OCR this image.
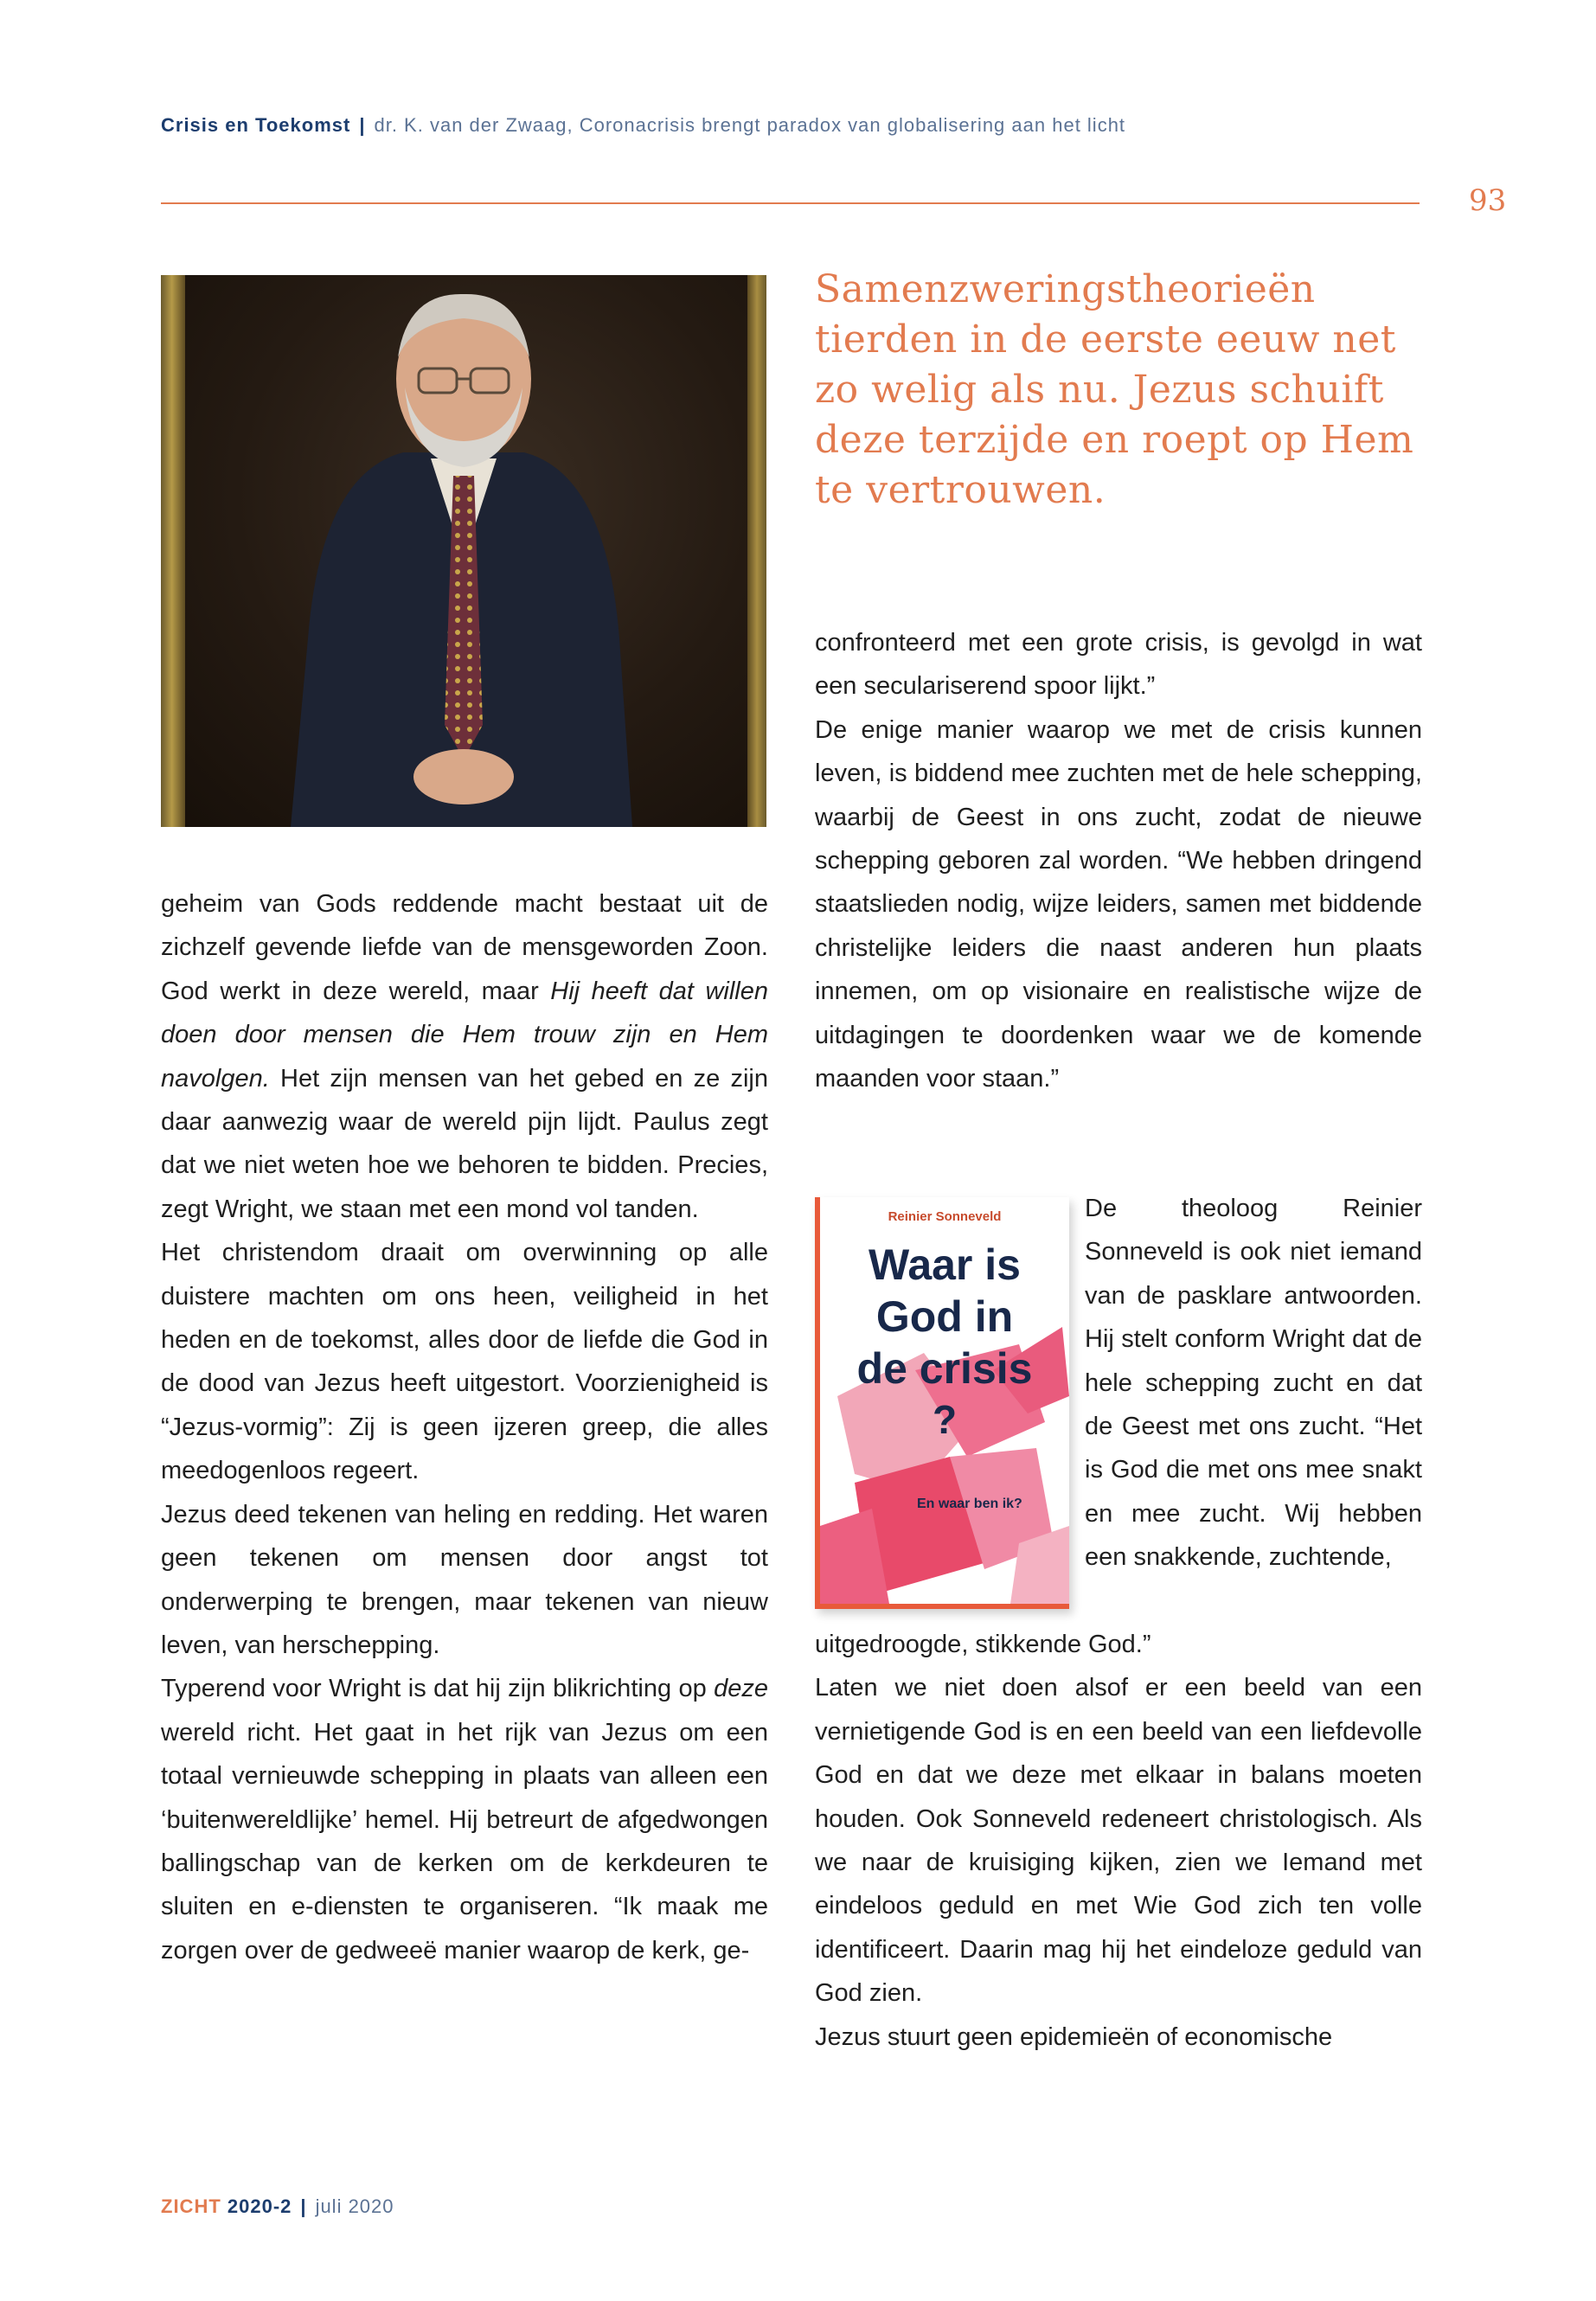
Crisis en Toekomst | dr. K. van der Zwaag, Coronacrisis brengt paradox van globalisering aan het licht
93
Samenzweringstheorieën tierden in de eerste eeuw net zo welig als nu. Jezus schuift deze terzijde en roept op Hem te vertrouwen.

geheim van Gods reddende macht bestaat uit de zichzelf gevende liefde van de mensgeworden Zoon. God werkt in deze wereld, maar Hij heeft dat willen doen door mensen die Hem trouw zijn en Hem navolgen. Het zijn mensen van het gebed en ze zijn daar aanwezig waar de wereld pijn lijdt. Paulus zegt dat we niet weten hoe we behoren te bidden. Precies, zegt Wright, we staan met een mond vol tanden.

Het christendom draait om overwinning op alle duistere machten om ons heen, veiligheid in het heden en de toekomst, alles door de liefde die God in de dood van Jezus heeft uitgestort. Voorzienigheid is “Jezus-vormig”: Zij is geen ijzeren greep, die alles meedogenloos regeert.

Jezus deed tekenen van heling en redding. Het waren geen tekenen om mensen door angst tot onderwerping te brengen, maar tekenen van nieuw leven, van herschepping.

Typerend voor Wright is dat hij zijn blikrichting op deze wereld richt. Het gaat in het rijk van Jezus om een totaal vernieuwde schepping in plaats van alleen een ‘buitenwereldlijke’ hemel. Hij betreurt de afgedwongen ballingschap van de kerken om de kerkdeuren te sluiten en e-diensten te organiseren. “Ik maak me zorgen over de gedweeë manier waarop de kerk, ge-

confronteerd met een grote crisis, is gevolgd in wat een seculariserend spoor lijkt.”

De enige manier waarop we met de crisis kunnen leven, is biddend mee zuchten met de hele schepping, waarbij de Geest in ons zucht, zodat de nieuwe schepping geboren zal worden. “We hebben dringend staatslieden nodig, wijze leiders, samen met biddende christelijke leiders die naast anderen hun plaats innemen, om op visionaire en realistische wijze de uitdagingen te doordenken waar we de komende maanden voor staan.”

Reinier Sonneveld
Waar is
God in
de crisis
?
En waar ben ik?

De theoloog Reinier Sonneveld is ook niet iemand van de pasklare antwoorden. Hij stelt conform Wright dat de hele schepping zucht en dat de Geest met ons zucht. “Het is God die met ons mee snakt en mee zucht. Wij hebben een snakkende, zuchtende,

uitgedroogde, stikkende God.”

Laten we niet doen alsof er een beeld van een vernietigende God is en een beeld van een liefdevolle God en dat we deze met elkaar in balans moeten houden. Ook Sonneveld redeneert christologisch. Als we naar de kruisiging kijken, zien we Iemand met eindeloos geduld en met Wie God zich ten volle identificeert. Daarin mag hij het eindeloze geduld van God zien.

Jezus stuurt geen epidemieën of economische

ZICHT 2020-2 | juli 2020
